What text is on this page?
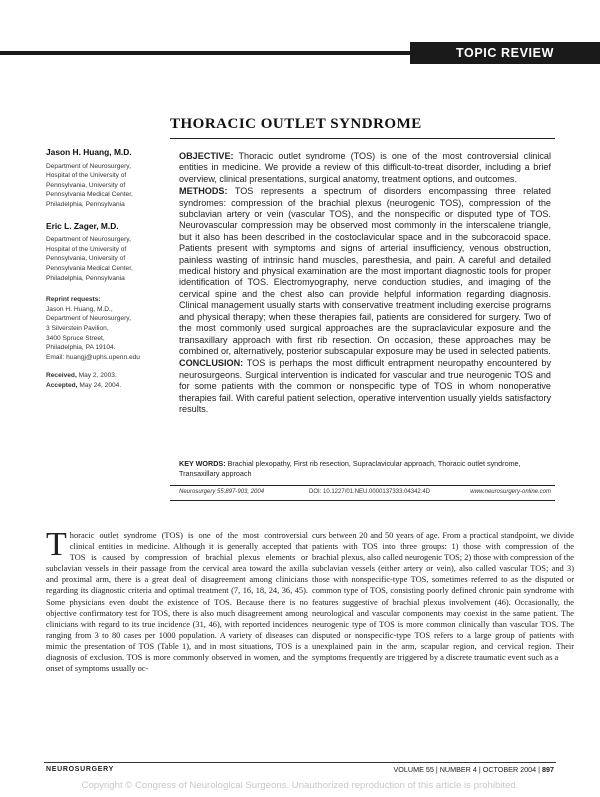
TOPIC REVIEW
THORACIC OUTLET SYNDROME
Jason H. Huang, M.D.
Department of Neurosurgery,
Hospital of the University of
Pennsylvania, University of
Pennsylvania Medical Center,
Philadelphia, Pennsylvania
Eric L. Zager, M.D.
Department of Neurosurgery,
Hospital of the University of
Pennsylvania, University of
Pennsylvania Medical Center,
Philadelphia, Pennsylvania
Reprint requests:
Jason H. Huang, M.D.,
Department of Neurosurgery,
3 Silverstein Pavilion,
3400 Spruce Street,
Philadelphia, PA 19104.
Email: huangj@uphs.upenn.edu
Received, May 2, 2003.
Accepted, May 24, 2004.

OBJECTIVE: Thoracic outlet syndrome (TOS) is one of the most controversial clinical entities in medicine. We provide a review of this difficult-to-treat disorder, including a brief overview, clinical presentations, surgical anatomy, treatment options, and outcomes.

METHODS: TOS represents a spectrum of disorders encompassing three related syndromes: compression of the brachial plexus (neurogenic TOS), compression of the subclavian artery or vein (vascular TOS), and the nonspecific or disputed type of TOS. Neurovascular compression may be observed most commonly in the interscalene triangle, but it also has been described in the costoclavicular space and in the subcoracoid space. Patients present with symptoms and signs of arterial insufficiency, venous obstruction, painless wasting of intrinsic hand muscles, paresthesia, and pain. A careful and detailed medical history and physical examination are the most important diagnostic tools for proper identification of TOS. Electromyography, nerve conduction studies, and imaging of the cervical spine and the chest also can provide helpful information regarding diagnosis. Clinical management usually starts with conservative treatment including exercise programs and physical therapy; when these therapies fail, patients are considered for surgery. Two of the most commonly used surgical approaches are the supraclavicular exposure and the transaxillary approach with first rib resection. On occasion, these approaches may be combined or, alternatively, posterior subscapular exposure may be used in selected patients.

CONCLUSION: TOS is perhaps the most difficult entrapment neuropathy encountered by neurosurgeons. Surgical intervention is indicated for vascular and true neurogenic TOS and for some patients with the common or nonspecific type of TOS in whom nonoperative therapies fail. With careful patient selection, operative intervention usually yields satisfactory results.

KEY WORDS: Brachial plexopathy, First rib resection, Supraclavicular approach, Thoracic outlet syndrome, Transaxillary approach
Neurosurgery 55:897-903, 2004	DOI: 10.1227/01.NEU.0000137333.04342.4D	www.neurosurgery-online.com
Thoracic outlet syndrome (TOS) is one of the most controversial clinical entities in medicine. Although it is generally accepted that TOS is caused by compression of brachial plexus elements or subclavian vessels in their passage from the cervical area toward the axilla and proximal arm, there is a great deal of disagreement among clinicians regarding its diagnostic criteria and optimal treatment (7, 16, 18, 24, 36, 45). Some physicians even doubt the existence of TOS. Because there is no objective confirmatory test for TOS, there is also much disagreement among clinicians with regard to its true incidence (31, 46), with reported incidences ranging from 3 to 80 cases per 1000 population. A variety of diseases can mimic the presentation of TOS (Table 1), and in most situations, TOS is a diagnosis of exclusion. TOS is more commonly observed in women, and the onset of symptoms usually oc-
curs between 20 and 50 years of age. From a practical standpoint, we divide patients with TOS into three groups: 1) those with compression of the brachial plexus, also called neurogenic TOS; 2) those with compression of the subclavian vessels (either artery or vein), also called vascular TOS; and 3) those with nonspecific-type TOS, sometimes referred to as the disputed or common type of TOS, consisting poorly defined chronic pain syndrome with features suggestive of brachial plexus involvement (46). Occasionally, the neurological and vascular components may coexist in the same patient. The neurogenic type of TOS is more common clinically than vascular TOS. The disputed or nonspecific-type TOS refers to a large group of patients with unexplained pain in the arm, scapular region, and cervical region. Their symptoms frequently are triggered by a discrete traumatic event such as a
NEUROSURGERY	VOLUME 55 | NUMBER 4 | OCTOBER 2004 | 897
Copyright © Congress of Neurological Surgeons. Unauthorized reproduction of this article is prohibited.
